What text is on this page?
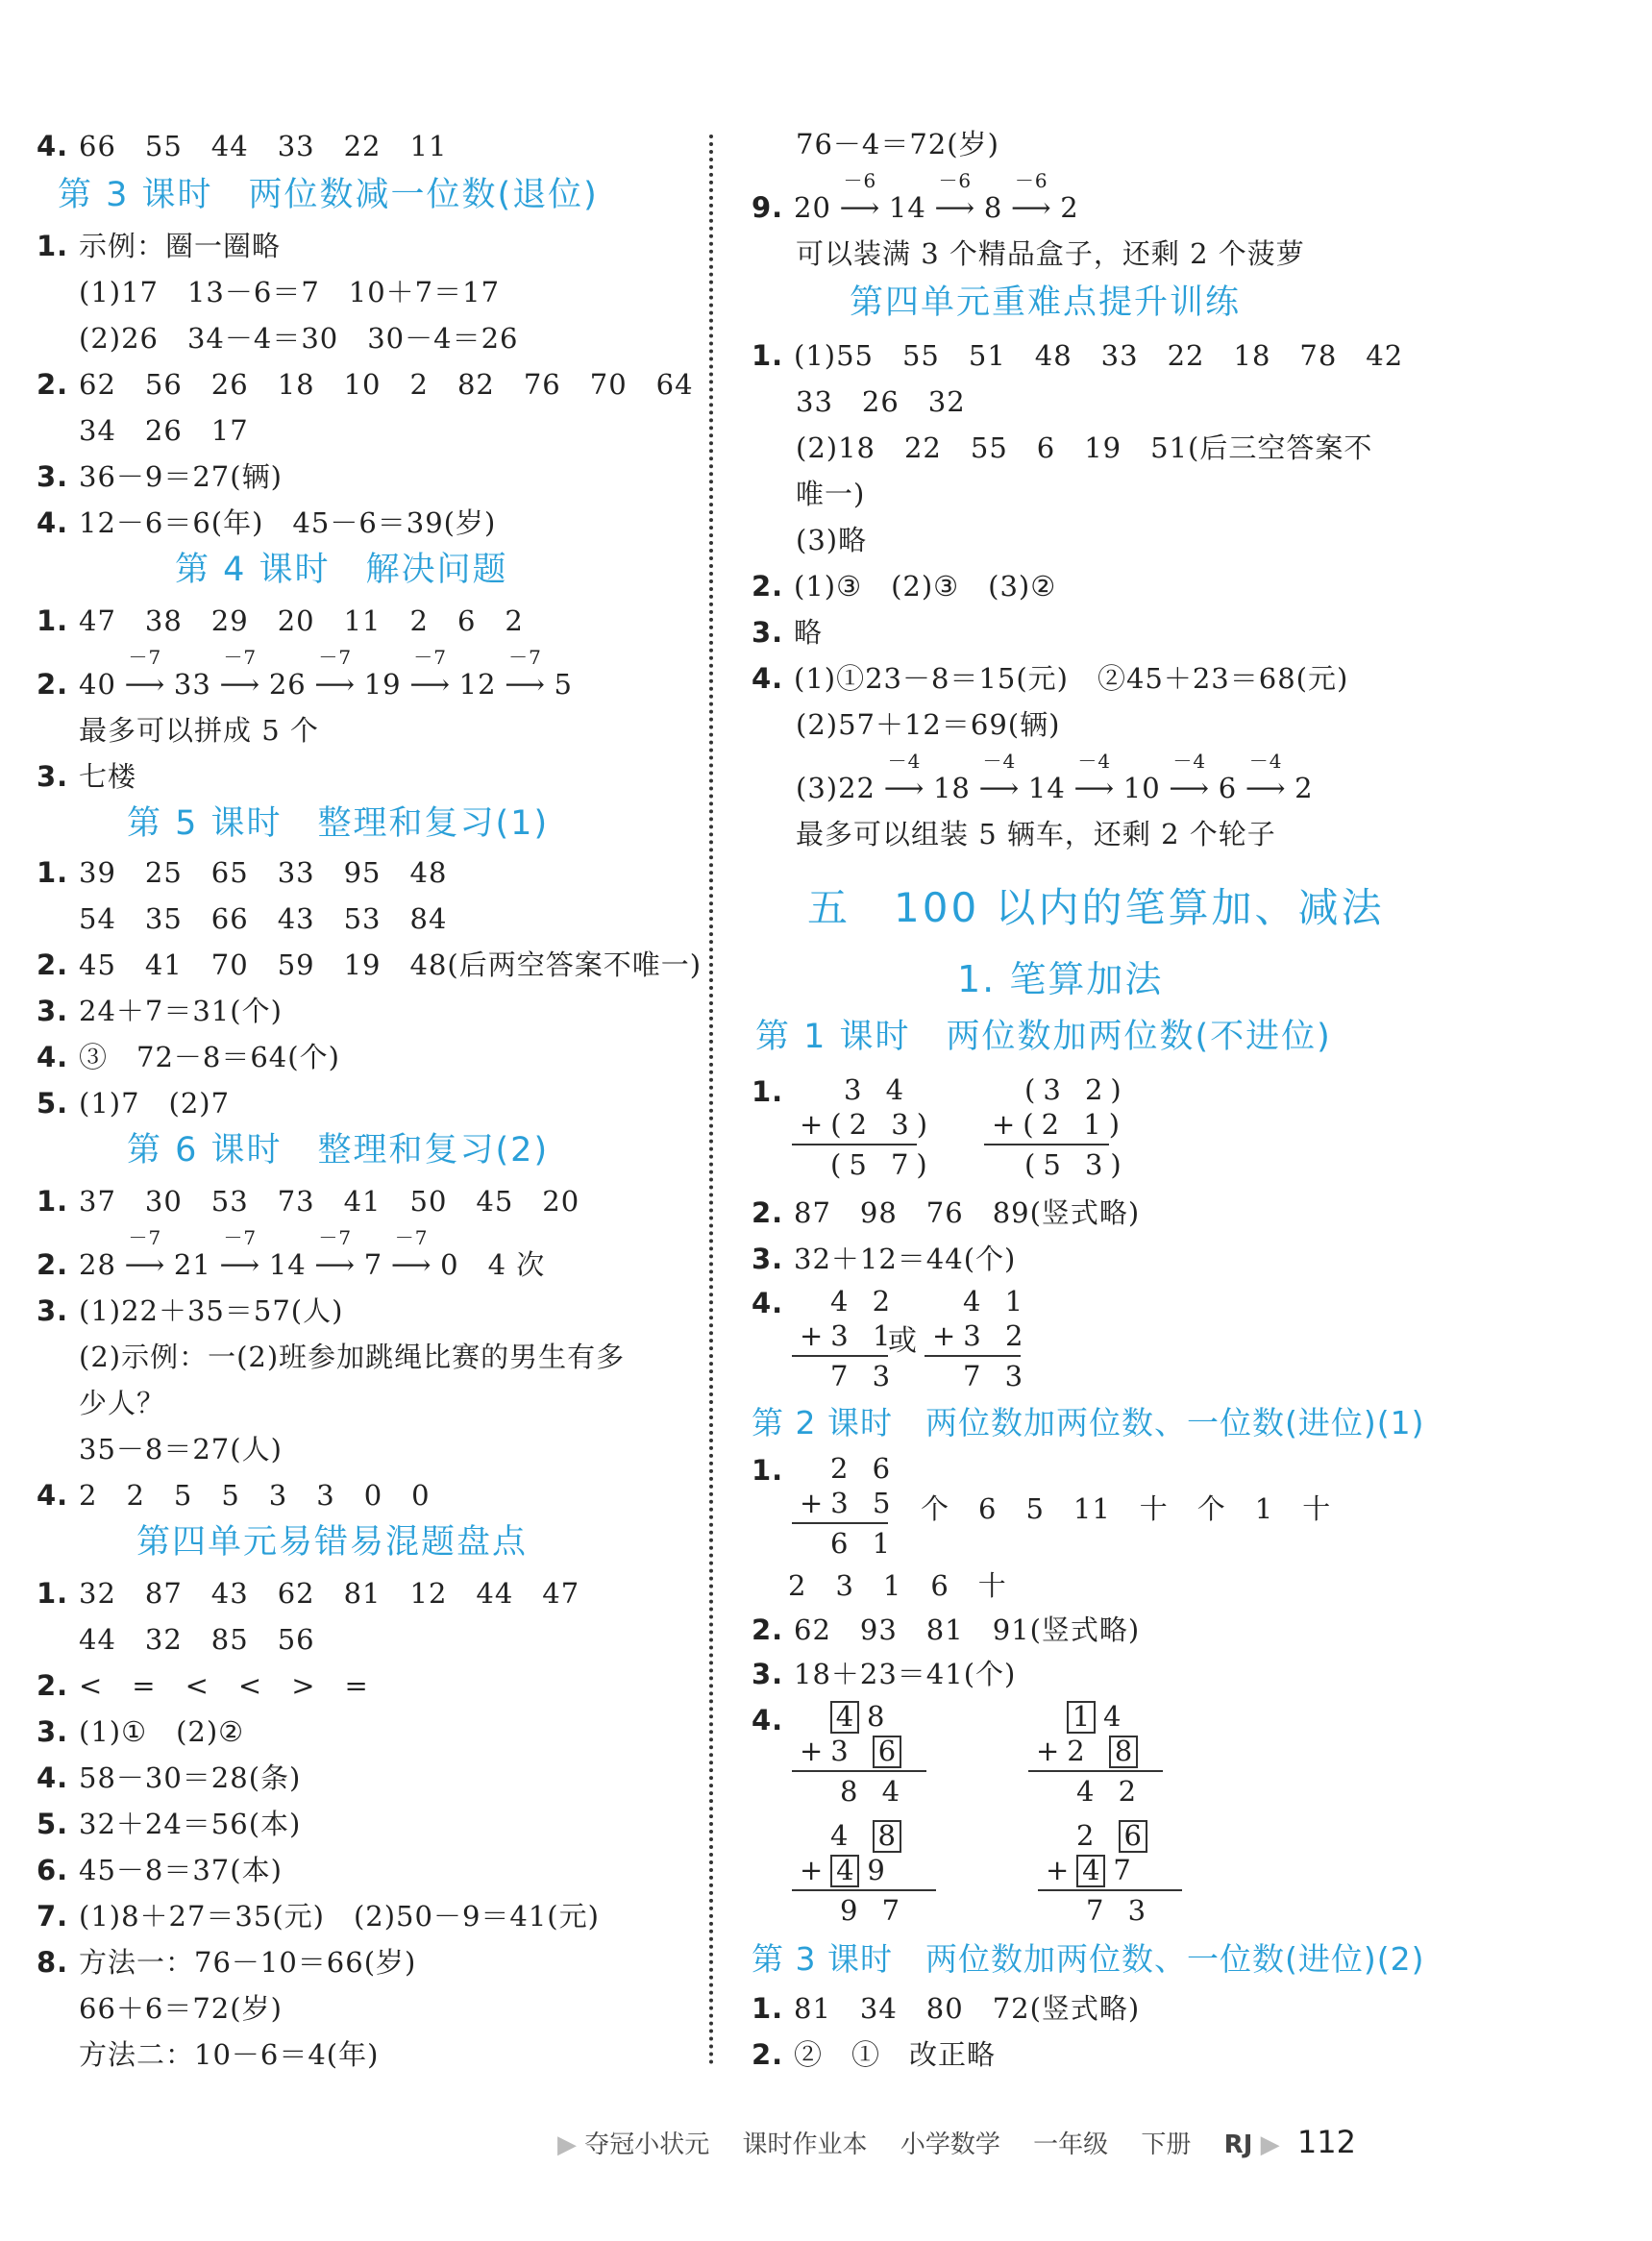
4. 66　55　44　33　22　11
第 3 课时　两位数减一位数(退位)
1. 示例：圈一圈略
(1)17　13－6＝7　10＋7＝17
(2)26　34－4＝30　30－4＝26
2. 62　56　26　18　10　2　82　76　70　64
34　26　17
3. 36－9＝27(辆)
4. 12－6＝6(年)　45－6＝39(岁)
第 4 课时　解决问题
1. 47　38　29　20　11　2　6　2
2. 40
－7
⟶ 33
－7
⟶ 26
－7
⟶ 19
－7
⟶ 12
－7
⟶ 5
最多可以拼成 5 个
3. 七楼
第 5 课时　整理和复习(1)
1. 39　25　65　33　95　48
54　35　66　43　53　84
2. 45　41　70　59　19　48(后两空答案不唯一)
3. 24＋7＝31(个)
4. ③　72－8＝64(个)
5. (1)7　(2)7
第 6 课时　整理和复习(2)
1. 37　30　53　73　41　50　45　20
2. 28
－7
⟶ 21
－7
⟶ 14
－7
⟶ 7
－7
⟶ 0　 4 次
3. (1)22＋35＝57(人)
(2)示例：一(2)班参加跳绳比赛的男生有多
少人？
35－8＝27(人)
4. 2　2　5　5　3　3　0　0
第四单元易错易混题盘点
1. 32　87　43　62　81　12　44　47
44　32　85　56
2. <　=　<　<　>　=
3. (1)①　(2)②
4. 58－30＝28(条)
5. 32＋24＝56(本)
6. 45－8＝37(本)
7. (1)8＋27＝35(元)　(2)50－9＝41(元)
8. 方法一：76－10＝66(岁)
66＋6＝72(岁)
方法二：10－6＝4(年)
76－4＝72(岁)
9. 20
－6
⟶ 14
－6
⟶ 8
－6
⟶ 2
可以装满 3 个精品盒子，还剩 2 个菠萝
第四单元重难点提升训练
1. (1)55　55　51　48　33　22　18　78　42
33　26　32
(2)18　22　55　6　19　51(后三空答案不
唯一)
(3)略
2. (1)③　(2)③　(3)②
3. 略
4. (1)①23－8＝15(元)　②45＋23＝68(元)
(2)57＋12＝69(辆)
(3)22
－4
⟶ 18
－4
⟶ 14
－4
⟶ 10
－4
⟶ 6
－4
⟶ 2
最多可以组装 5 辆车，还剩 2 个轮子
五　100 以内的笔算加、减法
1. 笔算加法
第 1 课时　两位数加两位数(不进位)
1.	3 4
+(2 3)
(5 7)
(3 2)
+(2 1)
(5 3)
2. 87　98　76　89(竖式略)
3. 32＋12＝44(个)
4.	4 2
+3 1
7 3
或
4 1
+3 2
7 3
第 2 课时　两位数加两位数、一位数(进位)(1)
1.	2 6
+3 5
6 1
个　6　5　11　十　个　1　十
2　3　1　6　十
2. 62　93　81　91(竖式略)
3. 18＋23＝41(个)
4.	4 8
+3 6
8 4
1 4
+2 8
4 2
4 8
+ 4 9
9 7
2 6
+ 4 7
7 3
第 3 课时　两位数加两位数、一位数(进位)(2)
1. 81　34　80　72(竖式略)
2. ②　①　改正略
▶ 夺冠小状元　 课时作业本　 小学数学　 一年级　 下册　 RJ ▶ 112
